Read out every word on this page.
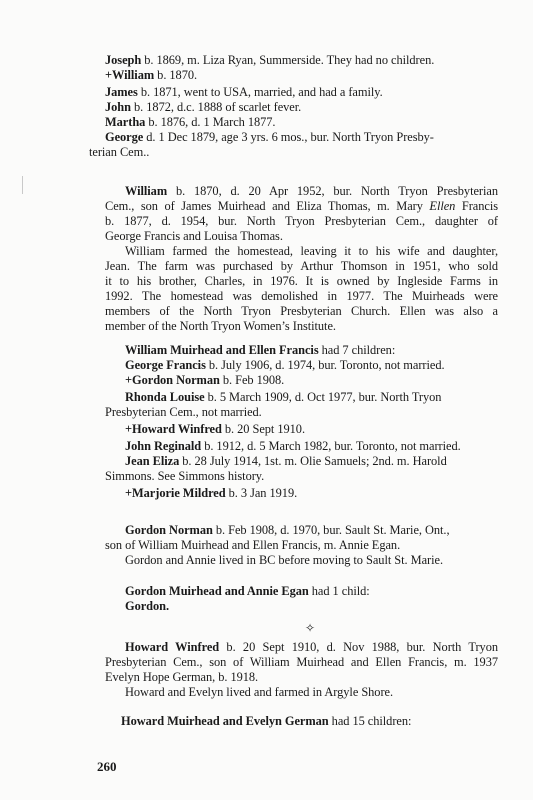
Joseph b. 1869, m. Liza Ryan, Summerside. They had no children.

+William b. 1870.

James b. 1871, went to USA, married, and had a family.

John b. 1872, d.c. 1888 of scarlet fever.

Martha b. 1876, d. 1 March 1877.

George d. 1 Dec 1879, age 3 yrs. 6 mos., bur. North Tryon Presby-

terian Cem..

William b. 1870, d. 20 Apr 1952, bur. North Tryon Presbyterian

Cem., son of James Muirhead and Eliza Thomas, m. Mary Ellen Francis

b. 1877, d. 1954, bur. North Tryon Presbyterian Cem., daughter of

George Francis and Louisa Thomas.

William farmed the homestead, leaving it to his wife and daughter,

Jean. The farm was purchased by Arthur Thomson in 1951, who sold

it to his brother, Charles, in 1976. It is owned by Ingleside Farms in

1992. The homestead was demolished in 1977. The Muirheads were

members of the North Tryon Presbyterian Church. Ellen was also a

member of the North Tryon Women’s Institute.

William Muirhead and Ellen Francis had 7 children:

George Francis b. July 1906, d. 1974, bur. Toronto, not married.

+Gordon Norman b. Feb 1908.

Rhonda Louise b. 5 March 1909, d. Oct 1977, bur. North Tryon

Presbyterian Cem., not married.

+Howard Winfred b. 20 Sept 1910.

John Reginald b. 1912, d. 5 March 1982, bur. Toronto, not married.

Jean Eliza b. 28 July 1914, 1st. m. Olie Samuels; 2nd. m. Harold

Simmons. See Simmons history.

+Marjorie Mildred b. 3 Jan 1919.

Gordon Norman b. Feb 1908, d. 1970, bur. Sault St. Marie, Ont.,

son of William Muirhead and Ellen Francis, m. Annie Egan.

Gordon and Annie lived in BC before moving to Sault St. Marie.

Gordon Muirhead and Annie Egan had 1 child:

Gordon.

✧

Howard Winfred b. 20 Sept 1910, d. Nov 1988, bur. North Tryon

Presbyterian Cem., son of William Muirhead and Ellen Francis, m. 1937

Evelyn Hope German, b. 1918.

Howard and Evelyn lived and farmed in Argyle Shore.

Howard Muirhead and Evelyn German had 15 children:

260
